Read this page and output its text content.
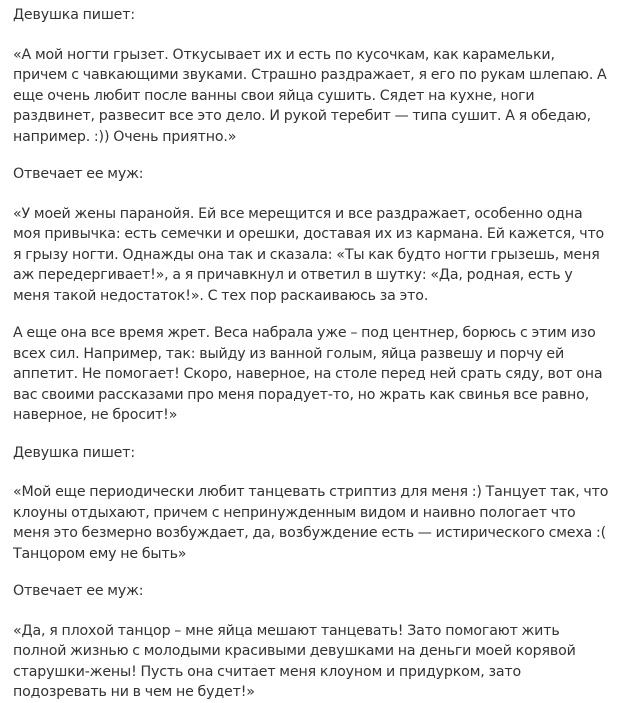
Девушка пишет:

«А мой ногти грызет. Откусывает их и есть по кусочкам, как карамельки, причем с чавкающими звуками. Страшно раздражает, я его по рукам шлепаю. А еще очень любит после ванны свои яйца сушить. Сядет на кухне, ноги раздвинет, развесит все это дело. И рукой теребит — типа сушит. А я обедаю, например. :)) Очень приятно.»

Отвечает ее муж:

«У моей жены паранойя. Ей все мерещится и все раздражает, особенно одна моя привычка: есть семечки и орешки, доставая их из кармана. Ей кажется, что я грызу ногти. Однажды она так и сказала: «Ты как будто ногти грызешь, меня аж передергивает!», а я причавкнул и ответил в шутку: «Да, родная, есть у меня такой недостаток!». С тех пор раскаиваюсь за это.

А еще она все время жрет. Веса набрала уже – под центнер, борюсь с этим изо всех сил. Например, так: выйду из ванной голым, яйца развешу и порчу ей аппетит. Не помогает! Скоро, наверное, на столе перед ней срать сяду, вот она вас своими рассказами про меня порадует-то, но жрать как свинья все равно, наверное, не бросит!»

Девушка пишет:

«Мой еще периодически любит танцевать стриптиз для меня :) Танцует так, что клоуны отдыхают, причем с непринужденным видом и наивно пологает что меня это безмерно возбуждает, да, возбуждение есть — истирического смеха :( Танцором ему не быть»

Отвечает ее муж:

«Да, я плохой танцор – мне яйца мешают танцевать! Зато помогают жить полной жизнью с молодыми красивыми девушками на деньги моей корявой старушки-жены! Пусть она считает меня клоуном и придурком, зато подозревать ни в чем не будет!»
